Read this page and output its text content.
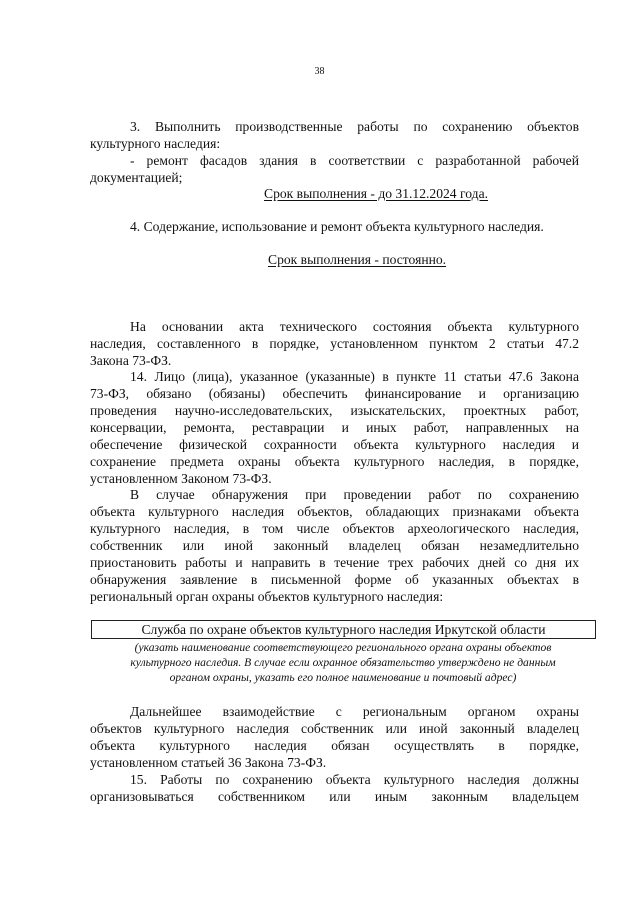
38
3. Выполнить производственные работы по сохранению объектов
культурного наследия:
- ремонт фасадов здания в соответствии с разработанной рабочей
документацией;
Срок выполнения - до 31.12.2024 года.
4. Содержание, использование и ремонт объекта культурного наследия.
Срок выполнения - постоянно.
На основании акта технического состояния объекта культурного
наследия, составленного в порядке, установленном пунктом 2 статьи 47.2
Закона 73-ФЗ.
14. Лицо (лица), указанное (указанные) в пункте 11 статьи 47.6 Закона
73-ФЗ, обязано (обязаны) обеспечить финансирование и организацию
проведения научно-исследовательских, изыскательских, проектных работ,
консервации, ремонта, реставрации и иных работ, направленных на
обеспечение физической сохранности объекта культурного наследия и
сохранение предмета охраны объекта культурного наследия, в порядке,
установленном Законом 73-ФЗ.
В случае обнаружения при проведении работ по сохранению
объекта культурного наследия объектов, обладающих признаками объекта
культурного наследия, в том числе объектов археологического наследия,
собственник или иной законный владелец обязан незамедлительно
приостановить работы и направить в течение трех рабочих дней со дня их
обнаружения заявление в письменной форме об указанных объектах в
региональный орган охраны объектов культурного наследия:
Служба по охране объектов культурного наследия Иркутской области
(указать наименование соответствующего регионального органа охраны объектов
культурного наследия. В случае если охранное обязательство утверждено не данным
органом охраны, указать его полное наименование и почтовый адрес)
Дальнейшее взаимодействие с региональным органом охраны
объектов культурного наследия собственник или иной законный владелец
объекта культурного наследия обязан осуществлять в порядке,
установленном статьей 36 Закона 73-ФЗ.
15. Работы по сохранению объекта культурного наследия должны
организовываться собственником или иным законным владельцем
